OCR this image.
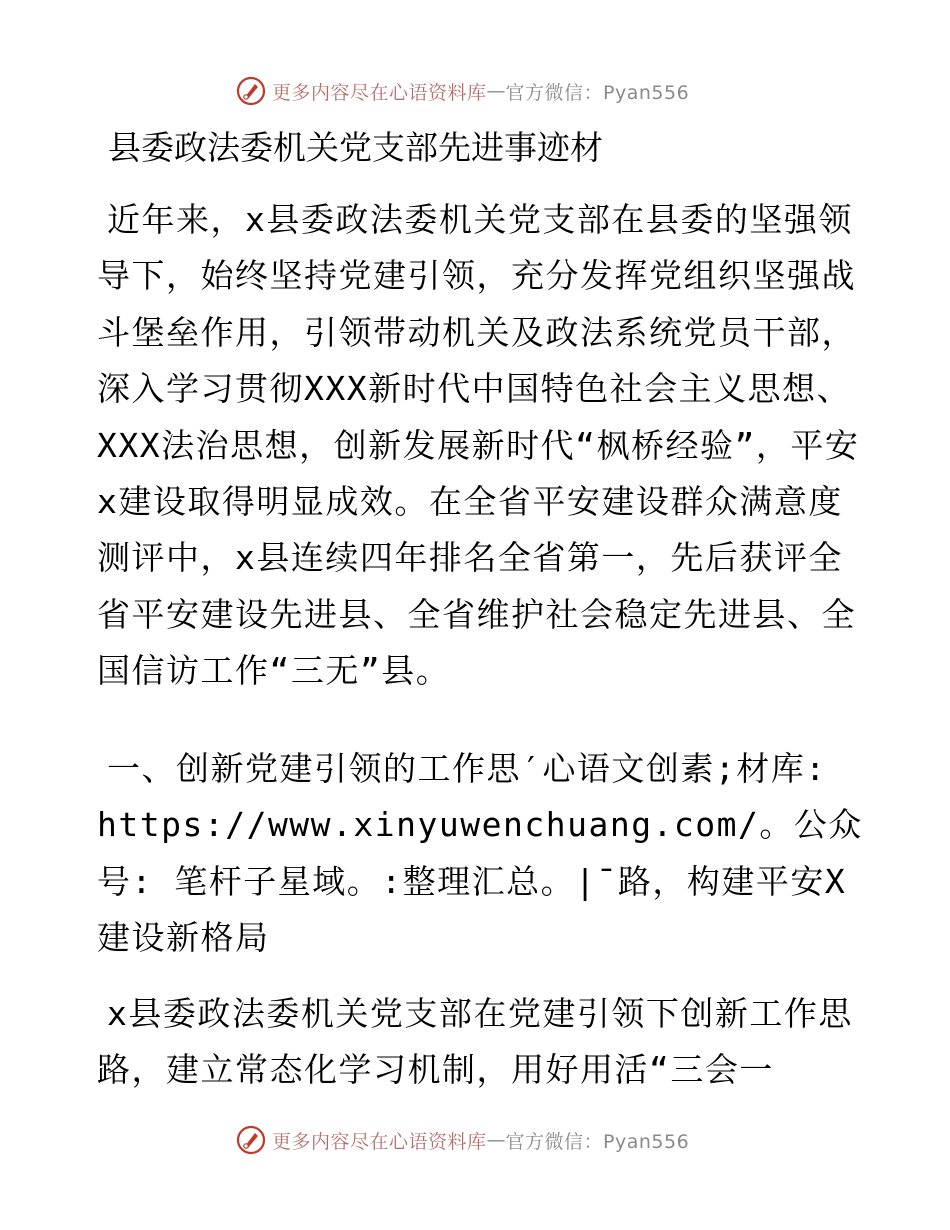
更多内容尽在心语资料库 — 官方微信：Pyan556
县委政法委机关党支部先进事迹材

近年来，x县委政法委机关党支部在县委的坚强领导下，始终坚持党建引领，充分发挥党组织坚强战斗堡垒作用，引领带动机关及政法系统党员干部，深入学习贯彻XXX新时代中国特色社会主义思想、XXX法治思想，创新发展新时代“枫桥经验”，平安x建设取得明显成效。在全省平安建设群众满意度测评中，x县连续四年排名全省第一，先后获评全省平安建设先进县、全省维护社会稳定先进县、全国信访工作“三无”县。

一、创新党建引领的工作思′心语文创素;材库: https://www.xinyuwenchuang.com/。公众号: 笔杆子星域。:整理汇总。|¯路，构建平安X建设新格局

x县委政法委机关党支部在党建引领下创新工作思路，建立常态化学习机制，用好用活“三会一

更多内容尽在心语资料库 — 官方微信：Pyan556
